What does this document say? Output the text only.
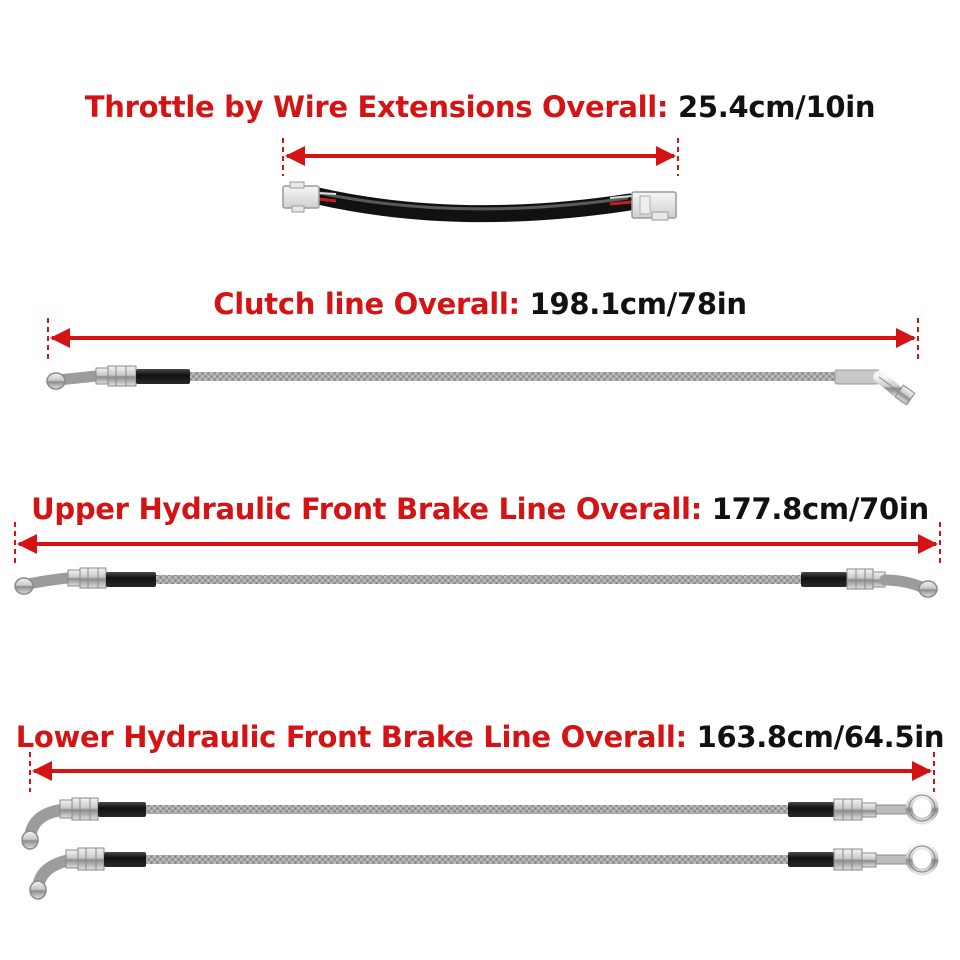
Throttle by Wire Extensions Overall: 25.4cm/10in
Clutch line Overall: 198.1cm/78in
Upper Hydraulic Front Brake Line Overall: 177.8cm/70in
Lower Hydraulic Front Brake Line Overall: 163.8cm/64.5in
